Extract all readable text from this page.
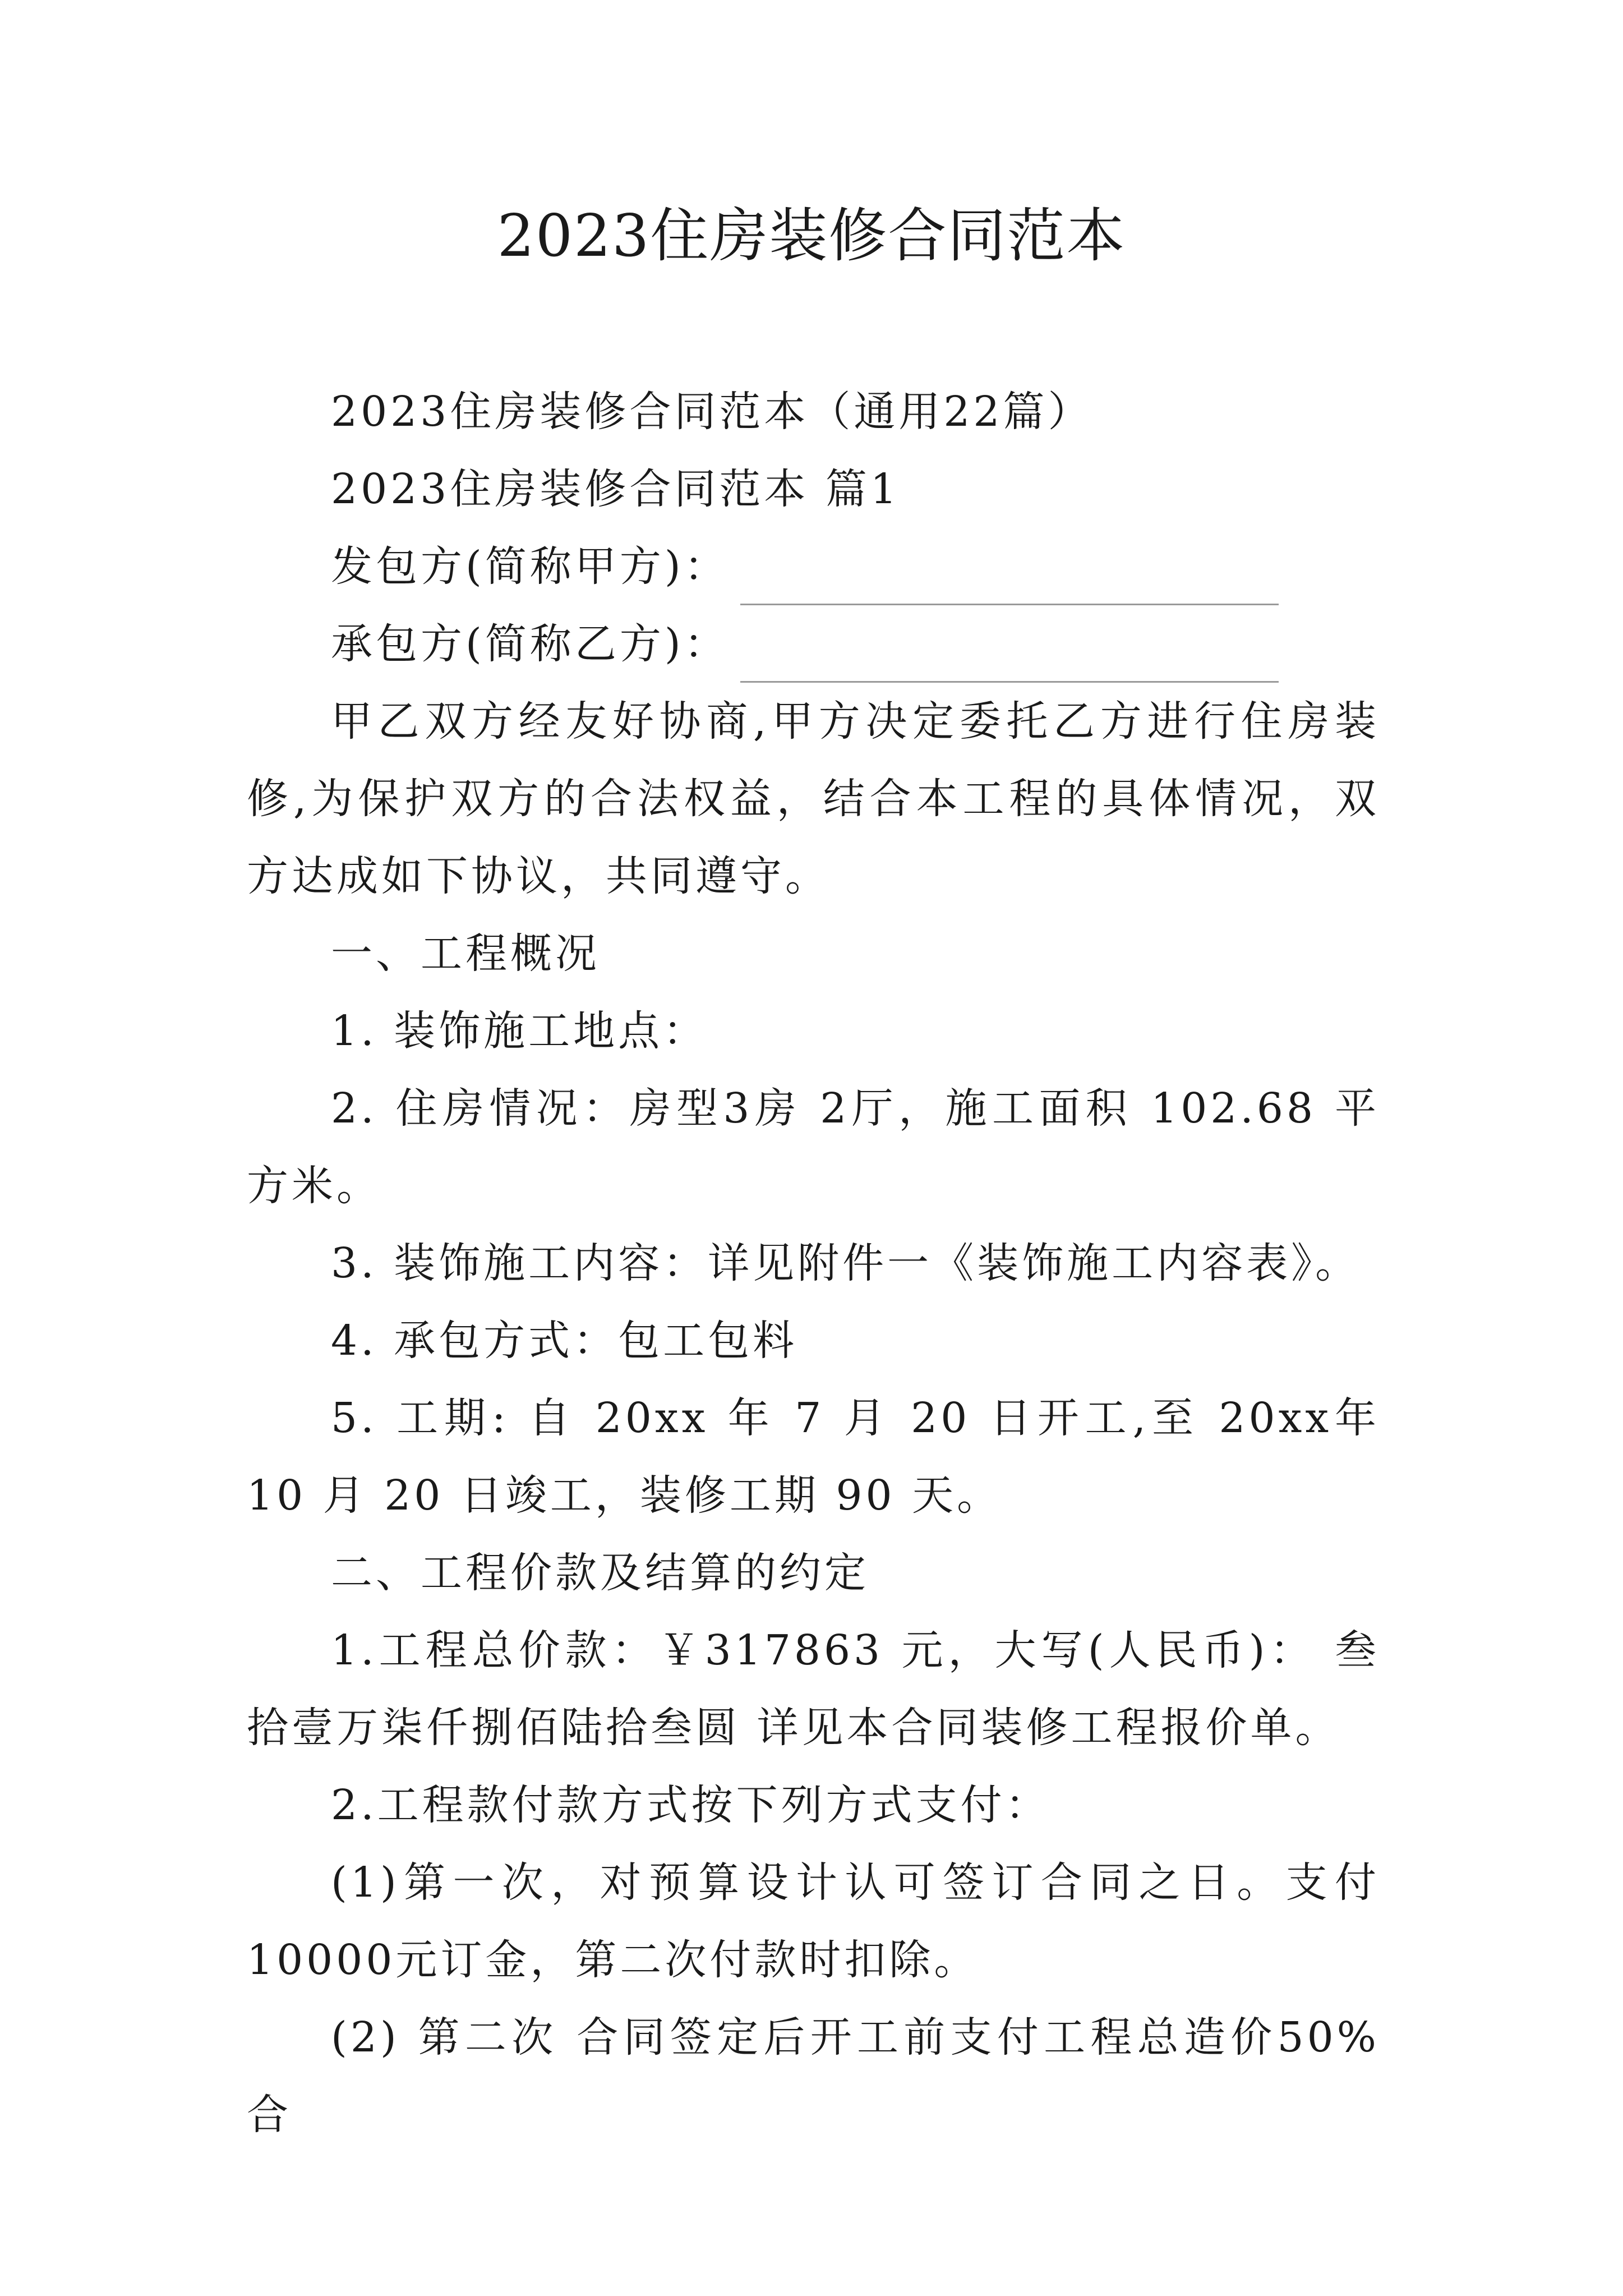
2023住房装修合同范本

2023住房装修合同范本（通用22篇）

2023住房装修合同范本 篇1

发包方(简称甲方)：

承包方(简称乙方)：

甲乙双方经友好协商,甲方决定委托乙方进行住房装修,为保护双方的合法权益，结合本工程的具体情况，双方达成如下协议，共同遵守。

一、工程概况

1. 装饰施工地点：

2. 住房情况：房型3房 2厅，施工面积 102.68 平方米。

3. 装饰施工内容：详见附件一《装饰施工内容表》。

4. 承包方式：包工包料

5. 工期: 自 20xx 年 7 月 20 日开工,至 20xx年 10 月 20 日竣工，装修工期 90 天。

二、工程价款及结算的约定

1.工程总价款：￥317863 元，大写(人民币)： 叁拾壹万柒仟捌佰陆拾叁圆 详见本合同装修工程报价单。

2.工程款付款方式按下列方式支付：

(1)第一次，对预算设计认可签订合同之日。支付10000元订金，第二次付款时扣除。

(2) 第二次 合同签定后开工前支付工程总造价50% 合
